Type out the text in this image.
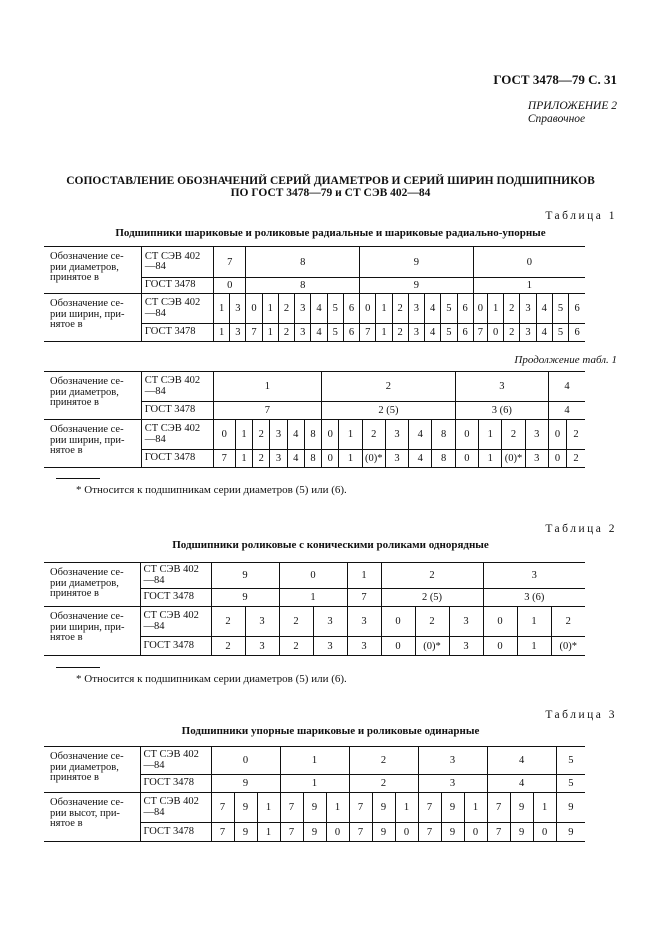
ГОСТ 3478—79 С. 31
ПРИЛОЖЕНИЕ 2
Справочное
СОПОСТАВЛЕНИЕ ОБОЗНАЧЕНИЙ СЕРИЙ ДИАМЕТРОВ И СЕРИЙ ШИРИН ПОДШИПНИКОВ
ПО ГОСТ 3478—79 и СТ СЭВ 402—84
Таблица 1
Подшипники шариковые и роликовые радиальные и шариковые радиально-упорные
Обозначение се-рии диаметров, принятое в	СТ СЭВ 402—84	7		8							9							0						
	ГОСТ 3478	0		8							9							1						
Обозначение се-рии ширин, при-нятое в	СТ СЭВ 402—84	1	3	0	1	2	3	4	5	6	0	1	2	3	4	5	6	0	1	2	3	4	5	6
	ГОСТ 3478	1	3	7	1	2	3	4	5	6	7	1	2	3	4	5	6	7	0	2	3	4	5	6
Продолжение табл. 1
Обозначение се-рии диаметров, принятое в	СТ СЭВ 402—84	1						2						3				4	
	ГОСТ 3478	7						2 (5)						3 (6)				4	
Обозначение се-рии ширин, при-нятое в	СТ СЭВ 402—84	0	1	2	3	4	8	0	1	2	3	4	8	0	1	2	3	0	2
	ГОСТ 3478	7	1	2	3	4	8	0	1	(0)*	3	4	8	0	1	(0)*	3	0	2
* Относится к подшипникам серии диаметров (5) или (6).
Таблица 2
Подшипники роликовые с коническими роликами однорядные
Обозначение се-рии диаметров, принятое в	СТ СЭВ 402—84	9		0		1	2			3		
	ГОСТ 3478	9		1		7	2 (5)			3 (6)		
Обозначение се-рии ширин, при-нятое в	СТ СЭВ 402—84	2	3	2	3	3	0	2	3	0	1	2
	ГОСТ 3478	2	3	2	3	3	0	(0)*	3	0	1	(0)*
* Относится к подшипникам серии диаметров (5) или (6).
Таблица 3
Подшипники упорные шариковые и роликовые одинарные
Обозначение се-рии диаметров, принятое в	СТ СЭВ 402—84	0			1			2			3			4			5
	ГОСТ 3478	9			1			2			3			4			5
Обозначение се-рии высот, при-нятое в	СТ СЭВ 402—84	7	9	1	7	9	1	7	9	1	7	9	1	7	9	1	9
	ГОСТ 3478	7	9	1	7	9	0	7	9	0	7	9	0	7	9	0	9
